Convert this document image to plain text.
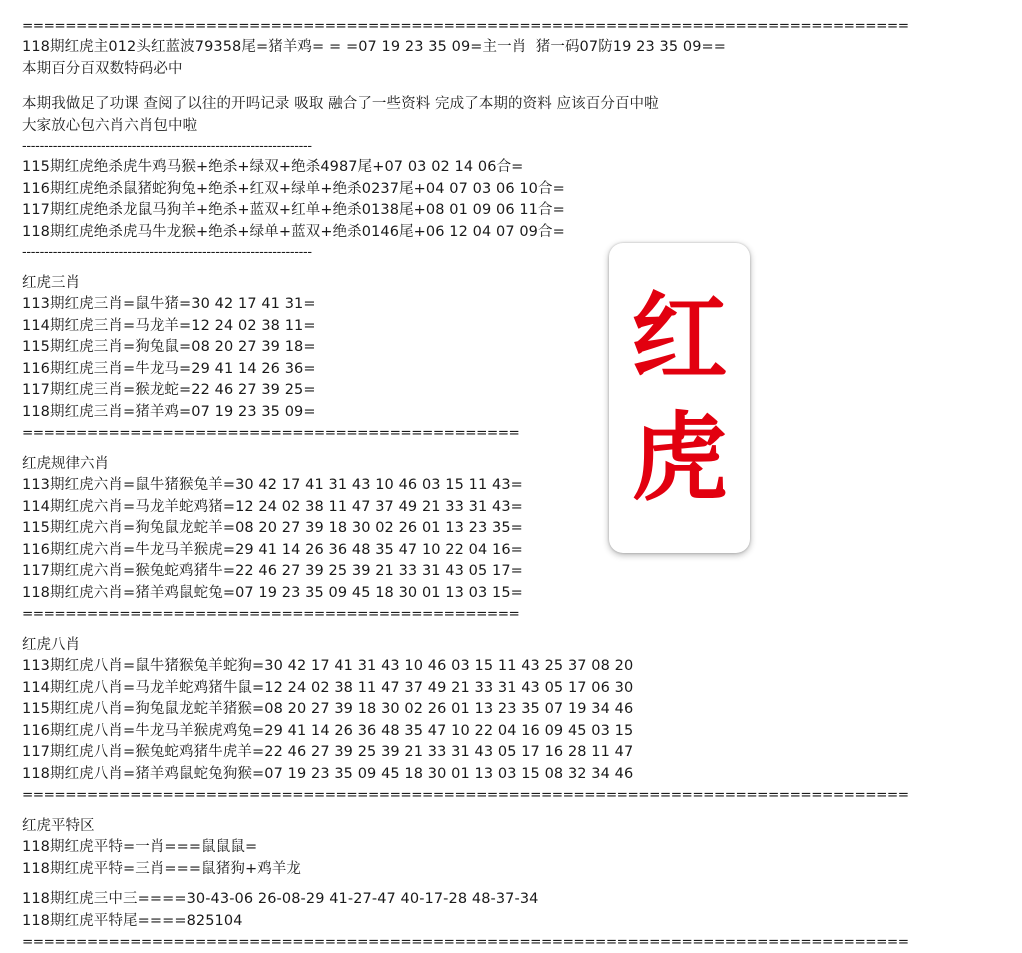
==================================================================================
118期红虎主012头红蓝波79358尾=猪羊鸡= = =07 19 23 35 09=主一肖  猪一码07防19 23 35 09==
本期百分百双数特码必中
本期我做足了功课 查阅了以往的开吗记录 吸取 融合了一些资料 完成了本期的资料 应该百分百中啦
大家放心包六肖六肖包中啦
------------------------------------------------------------------
115期红虎绝杀虎牛鸡马猴+绝杀+绿双+绝杀4987尾+07 03 02 14 06合=
116期红虎绝杀鼠猪蛇狗兔+绝杀+红双+绿单+绝杀0237尾+04 07 03 06 10合=
117期红虎绝杀龙鼠马狗羊+绝杀+蓝双+红单+绝杀0138尾+08 01 09 06 11合=
118期红虎绝杀虎马牛龙猴+绝杀+绿单+蓝双+绝杀0146尾+06 12 04 07 09合=
------------------------------------------------------------------
红虎三肖
113期红虎三肖=鼠牛猪=30 42 17 41 31=
114期红虎三肖=马龙羊=12 24 02 38 11=
115期红虎三肖=狗兔鼠=08 20 27 39 18=
116期红虎三肖=牛龙马=29 41 14 26 36=
117期红虎三肖=猴龙蛇=22 46 27 39 25=
118期红虎三肖=猪羊鸡=07 19 23 35 09=
==============================================
红虎规律六肖
113期红虎六肖=鼠牛猪猴兔羊=30 42 17 41 31 43 10 46 03 15 11 43=
114期红虎六肖=马龙羊蛇鸡猪=12 24 02 38 11 47 37 49 21 33 31 43=
115期红虎六肖=狗兔鼠龙蛇羊=08 20 27 39 18 30 02 26 01 13 23 35=
116期红虎六肖=牛龙马羊猴虎=29 41 14 26 36 48 35 47 10 22 04 16=
117期红虎六肖=猴兔蛇鸡猪牛=22 46 27 39 25 39 21 33 31 43 05 17=
118期红虎六肖=猪羊鸡鼠蛇兔=07 19 23 35 09 45 18 30 01 13 03 15=
==============================================
红虎八肖
113期红虎八肖=鼠牛猪猴兔羊蛇狗=30 42 17 41 31 43 10 46 03 15 11 43 25 37 08 20
114期红虎八肖=马龙羊蛇鸡猪牛鼠=12 24 02 38 11 47 37 49 21 33 31 43 05 17 06 30
115期红虎八肖=狗兔鼠龙蛇羊猪猴=08 20 27 39 18 30 02 26 01 13 23 35 07 19 34 46
116期红虎八肖=牛龙马羊猴虎鸡兔=29 41 14 26 36 48 35 47 10 22 04 16 09 45 03 15
117期红虎八肖=猴兔蛇鸡猪牛虎羊=22 46 27 39 25 39 21 33 31 43 05 17 16 28 11 47
118期红虎八肖=猪羊鸡鼠蛇兔狗猴=07 19 23 35 09 45 18 30 01 13 03 15 08 32 34 46
==================================================================================
红虎平特区
118期红虎平特=一肖===鼠鼠鼠=
118期红虎平特=三肖===鼠猪狗+鸡羊龙
118期红虎三中三====30-43-06 26-08-29 41-27-47 40-17-28 48-37-34
118期红虎平特尾====825104
==================================================================================
红
虎
